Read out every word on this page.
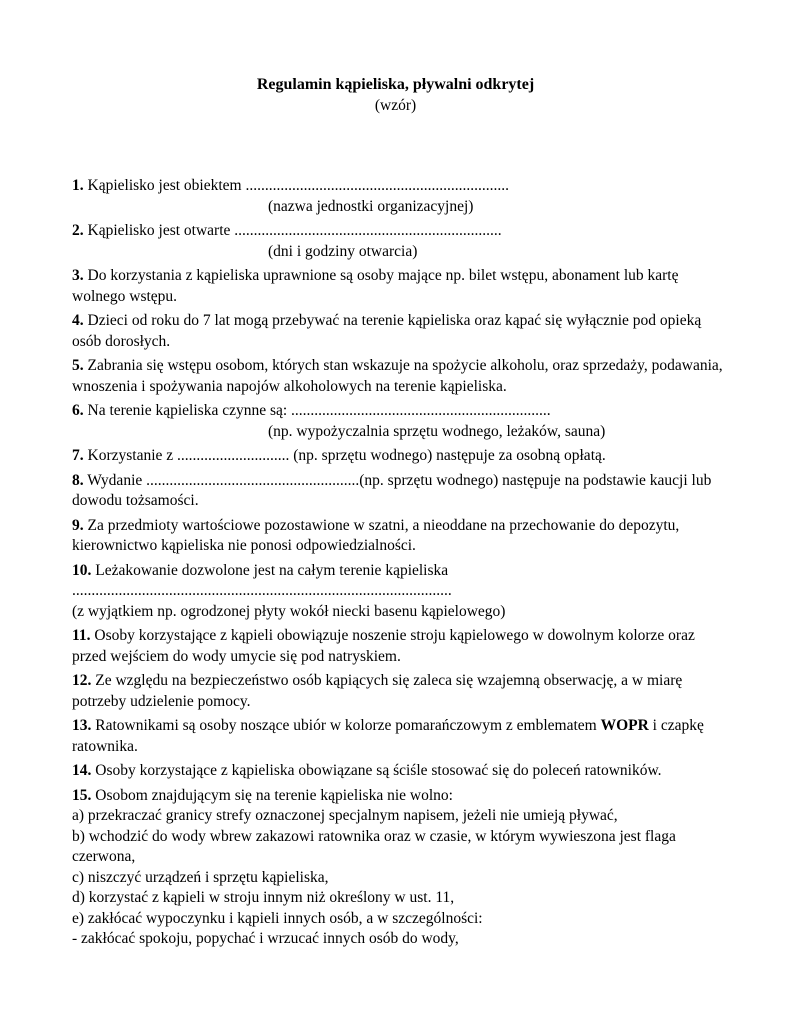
Regulamin kąpieliska, pływalni odkrytej
(wzór)
1. Kąpielisko jest obiektem ....................................................................
(nazwa jednostki organizacyjnej)
2. Kąpielisko jest otwarte .....................................................................
(dni i godziny otwarcia)
3. Do korzystania z kąpieliska uprawnione są osoby mające np. bilet wstępu, abonament lub kartę wolnego wstępu.
4. Dzieci od roku do 7 lat mogą przebywać na terenie kąpieliska oraz kąpać się wyłącznie pod opieką osób dorosłych.
5. Zabrania się wstępu osobom, których stan wskazuje na spożycie alkoholu, oraz sprzedaży, podawania, wnoszenia i spożywania napojów alkoholowych na terenie kąpieliska.
6. Na terenie kąpieliska czynne są: ...................................................................
(np. wypożyczalnia sprzętu wodnego, leżaków, sauna)
7. Korzystanie z ............................. (np. sprzętu wodnego) następuje za osobną opłatą.
8. Wydanie .......................................................(np. sprzętu wodnego) następuje na podstawie kaucji lub dowodu tożsamości.
9. Za przedmioty wartościowe pozostawione w szatni, a nieoddane na przechowanie do depozytu, kierownictwo kąpieliska nie ponosi odpowiedzialności.
10. Leżakowanie dozwolone jest na całym terenie kąpieliska
..................................................................................................
(z wyjątkiem np. ogrodzonej płyty wokół niecki basenu kąpielowego)
11. Osoby korzystające z kąpieli obowiązuje noszenie stroju kąpielowego w dowolnym kolorze oraz przed wejściem do wody umycie się pod natryskiem.
12. Ze względu na bezpieczeństwo osób kąpiących się zaleca się wzajemną obserwację, a w miarę potrzeby udzielenie pomocy.
13. Ratownikami są osoby noszące ubiór w kolorze pomarańczowym z emblematem WOPR i czapkę ratownika.
14. Osoby korzystające z kąpieliska obowiązane są ściśle stosować się do poleceń ratowników.
15. Osobom znajdującym się na terenie kąpieliska nie wolno:
a) przekraczać granicy strefy oznaczonej specjalnym napisem, jeżeli nie umieją pływać,
b) wchodzić do wody wbrew zakazowi ratownika oraz w czasie, w którym wywieszona jest flaga czerwona,
c) niszczyć urządzeń i sprzętu kąpieliska,
d) korzystać z kąpieli w stroju innym niż określony w ust. 11,
e) zakłócać wypoczynku i kąpieli innych osób, a w szczególności:
- zakłócać spokoju, popychać i wrzucać innych osób do wody,
